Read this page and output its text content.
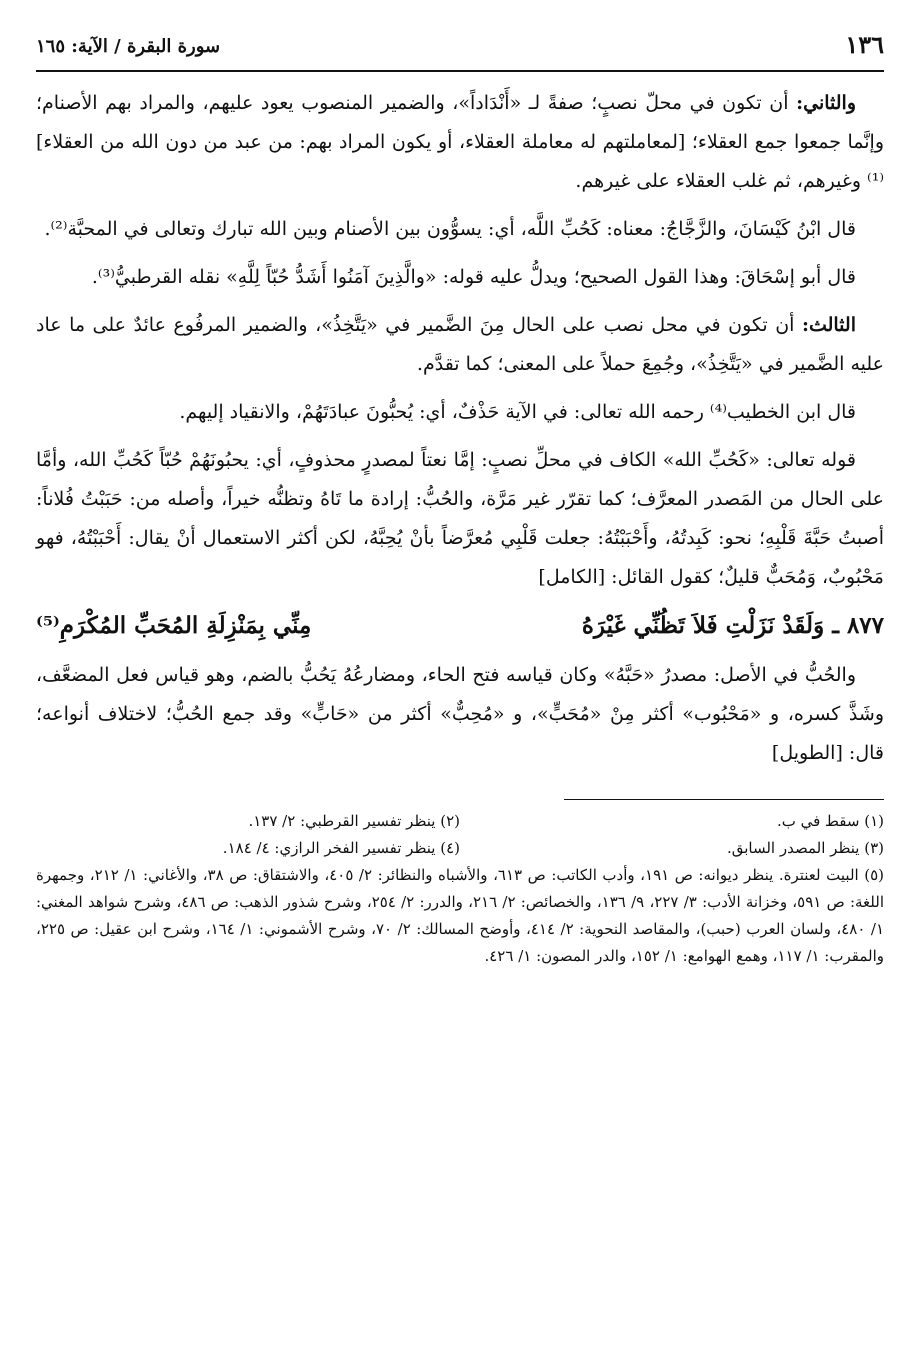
١٣٦
سورة البقرة / الآية: ١٦٥

والثاني: أن تكون في محلّ نصبٍ؛ صفةً لـ «أَنْدَاداً»، والضمير المنصوب يعود عليهم، والمراد بهم الأصنام؛ وإنَّما جمعوا جمع العقلاء؛ [لمعاملتهم له معاملة العقلاء، أو يكون المراد بهم: من عبد من دون الله من العقلاء]⁽¹⁾ وغيرهم، ثم غلب العقلاء على غيرهم.

قال ابْنُ كَيْسَانَ، والزَّجَّاجُ: معناه: كَحُبِّ اللَّه، أي: يسوُّون بين الأصنام وبين الله تبارك وتعالى في المحبَّة⁽²⁾.

قال أبو إسْحَاقَ: وهذا القول الصحيح؛ ويدلُّ عليه قوله: «والَّذِينَ آمَنُوا أَشَدُّ حُبّاً لِلَّهِ» نقله القرطبيُّ⁽³⁾.

الثالث: أن تكون في محل نصب على الحال مِنَ الضَّمير في «يَتَّخِذُ»، والضمير المرفُوع عائدٌ على ما عاد عليه الضَّمير في «يَتَّخِذُ»، وجُمِعَ حملاً على المعنى؛ كما تقدَّم.

قال ابن الخطيب⁽⁴⁾ رحمه الله تعالى: في الآية حَذْفٌ، أي: يُحبُّونَ عبادَتَهُمْ، والانقياد إليهم.

قوله تعالى: «كَحُبِّ الله» الكاف في محلِّ نصبٍ: إمَّا نعتاً لمصدرٍ محذوفٍ، أي: يحبُونَهُمْ حُبّاً كَحُبِّ الله، وأمَّا على الحال من المَصدر المعرَّف؛ كما تقرّر غير مَرَّة، والحُبُّ: إرادة ما تَاهُ وتظنُّه خيراً، وأصله من: حَبَبْتُ فُلاناً: أصبتُ حَبَّةَ قَلْبِهِ؛ نحو: كَبِدتُهُ، وأَحْبَبْتُهُ: جعلت قَلْبِي مُعرَّضاً بأنْ يُحِبَّهُ، لكن أكثر الاستعمال أنْ يقال: أَحْبَبْتُهُ، فهو مَحْبُوبٌ، وَمُحَبٌّ قليلٌ؛ كقول القائل: [الكامل]

٨٧٧ ـ وَلَقَدْ نَزَلْتِ فَلاَ تَظُنِّي غَيْرَهُ
مِنِّي بِمَنْزِلَةِ المُحَبِّ المُكْرَمِ⁽⁵⁾

والحُبُّ في الأصل: مصدرُ «حَبَّهُ» وكان قياسه فتح الحاء، ومضارعُهُ يَحُبُّ بالضم، وهو قياس فعل المضعَّف، وشَذَّ كسره، و «مَحْبُوب» أكثر مِنْ «مُحَبٍّ»، و «مُحِبٌّ» أكثر من «حَابٍّ» وقد جمع الحُبُّ؛ لاختلاف أنواعه؛ قال: [الطويل]

(١) سقط في ب.
(٢) ينظر تفسير القرطبي: ٢/ ١٣٧.
(٣) ينظر المصدر السابق.
(٤) ينظر تفسير الفخر الرازي: ٤/ ١٨٤.
(٥) البيت لعنترة. ينظر ديوانه: ص ١٩١، وأدب الكاتب: ص ٦١٣، والأشباه والنظائر: ٢/ ٤٠٥، والاشتقاق: ص ٣٨، والأغاني: ١/ ٢١٢، وجمهرة اللغة: ص ٥٩١، وخزانة الأدب: ٣/ ٢٢٧، ٩/ ١٣٦، والخصائص: ٢/ ٢١٦، والدرر: ٢/ ٢٥٤، وشرح شذور الذهب: ص ٤٨٦، وشرح شواهد المغني: ١/ ٤٨٠، ولسان العرب (حبب)، والمقاصد النحوية: ٢/ ٤١٤، وأوضح المسالك: ٢/ ٧٠، وشرح الأشموني: ١/ ١٦٤، وشرح ابن عقيل: ص ٢٢٥، والمقرب: ١/ ١١٧، وهمع الهوامع: ١/ ١٥٢، والدر المصون: ١/ ٤٢٦.
